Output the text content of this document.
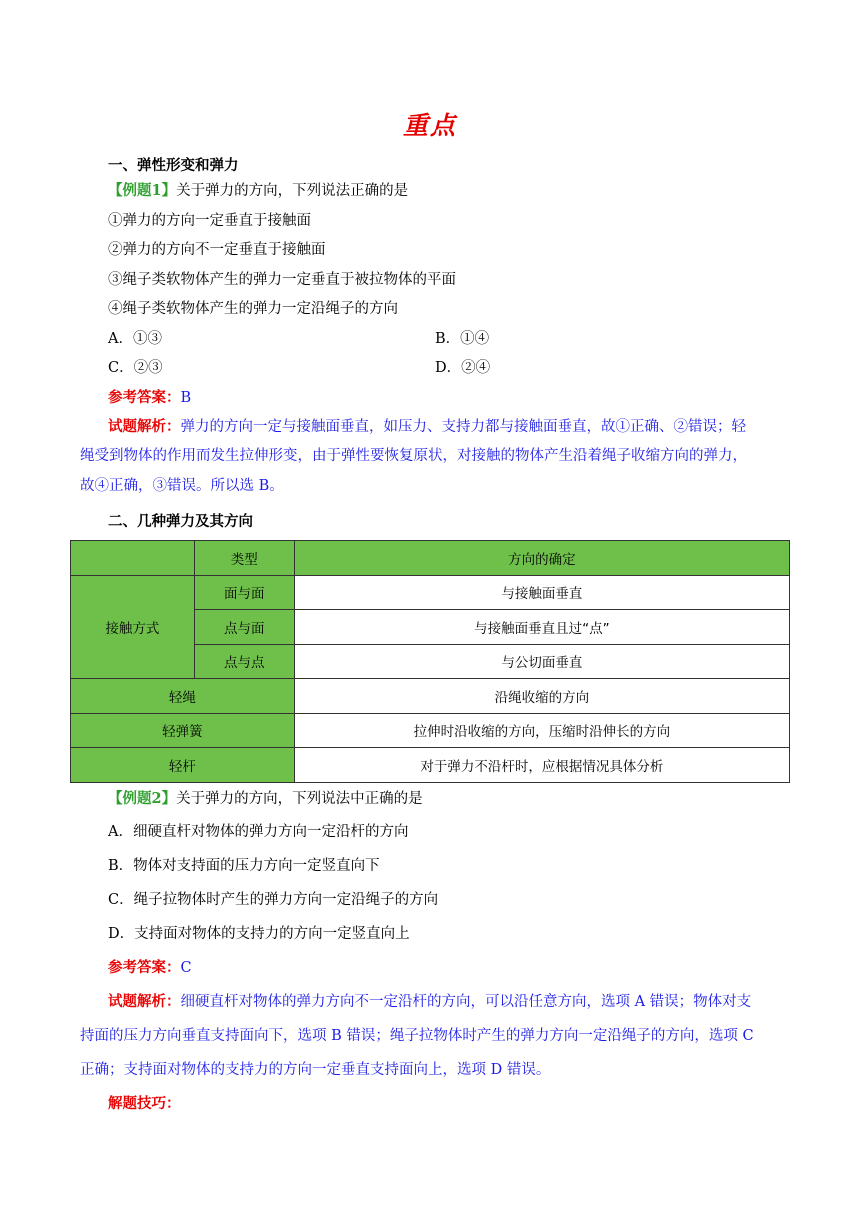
重点
一、弹性形变和弹力
【例题1】关于弹力的方向，下列说法正确的是
①弹力的方向一定垂直于接触面
②弹力的方向不一定垂直于接触面
③绳子类软物体产生的弹力一定垂直于被拉物体的平面
④绳子类软物体产生的弹力一定沿绳子的方向
A．①③	B．①④
C．②③	D．②④
参考答案：B
试题解析：弹力的方向一定与接触面垂直，如压力、支持力都与接触面垂直，故①正确、②错误；轻
绳受到物体的作用而发生拉伸形变，由于弹性要恢复原状，对接触的物体产生沿着绳子收缩方向的弹力，
故④正确，③错误。所以选 B。
二、几种弹力及其方向
	类型	方向的确定
接触方式	面与面	与接触面垂直
	点与面	与接触面垂直且过“点”
	点与点	与公切面垂直
轻绳		沿绳收缩的方向
轻弹簧		拉伸时沿收缩的方向，压缩时沿伸长的方向
轻杆		对于弹力不沿杆时，应根据情况具体分析
【例题2】关于弹力的方向，下列说法中正确的是
A．细硬直杆对物体的弹力方向一定沿杆的方向
B．物体对支持面的压力方向一定竖直向下
C．绳子拉物体时产生的弹力方向一定沿绳子的方向
D．支持面对物体的支持力的方向一定竖直向上
参考答案：C
试题解析：细硬直杆对物体的弹力方向不一定沿杆的方向，可以沿任意方向，选项 A 错误；物体对支
持面的压力方向垂直支持面向下，选项 B 错误；绳子拉物体时产生的弹力方向一定沿绳子的方向，选项 C
正确；支持面对物体的支持力的方向一定垂直支持面向上，选项 D 错误。
解题技巧：
